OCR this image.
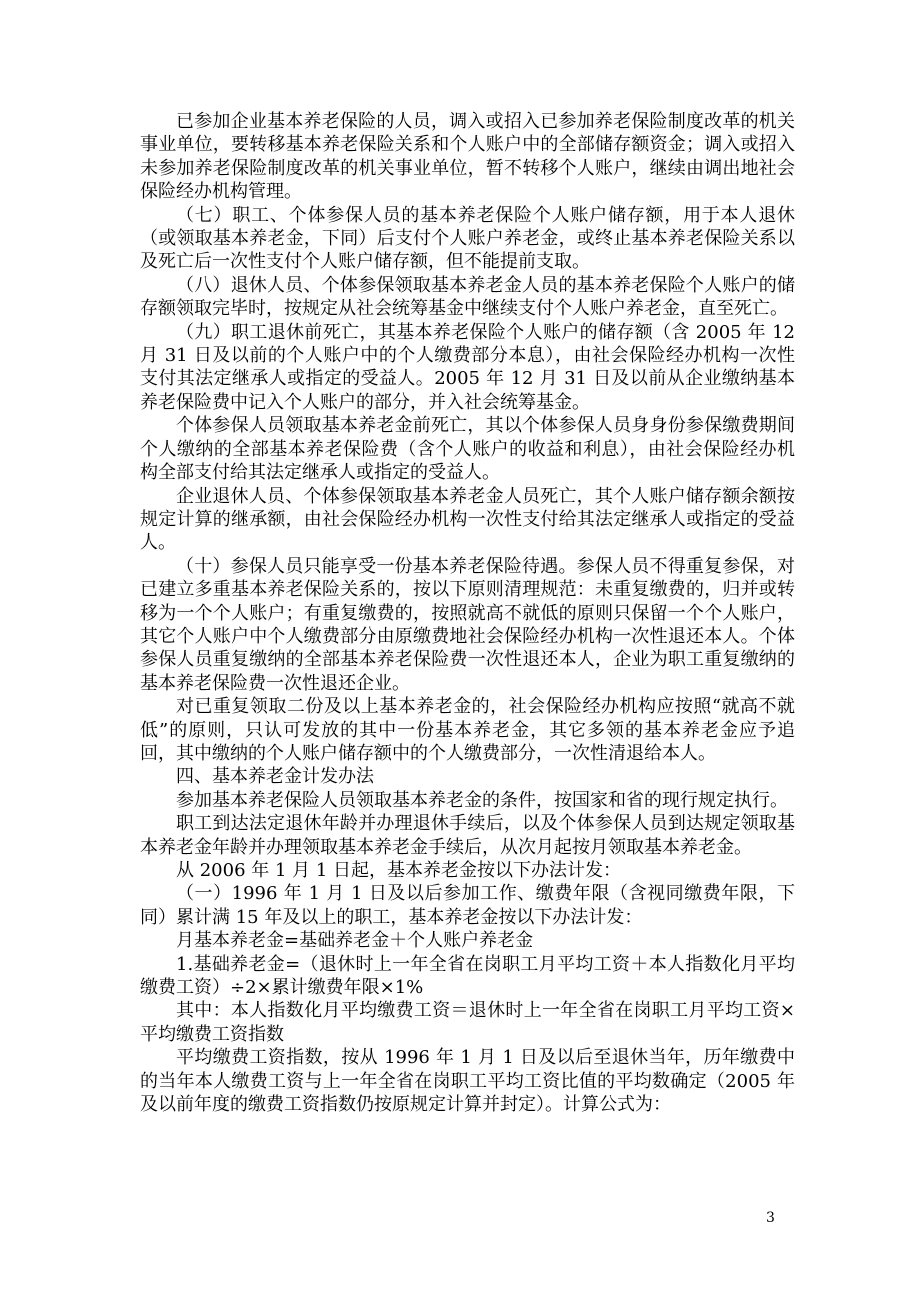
已参加企业基本养老保险的人员，调入或招入已参加养老保险制度改革的机关事业单位，要转移基本养老保险关系和个人账户中的全部储存额资金；调入或招入未参加养老保险制度改革的机关事业单位，暂不转移个人账户，继续由调出地社会保险经办机构管理。

（七）职工、个体参保人员的基本养老保险个人账户储存额，用于本人退休（或领取基本养老金，下同）后支付个人账户养老金，或终止基本养老保险关系以及死亡后一次性支付个人账户储存额，但不能提前支取。

（八）退休人员、个体参保领取基本养老金人员的基本养老保险个人账户的储存额领取完毕时，按规定从社会统筹基金中继续支付个人账户养老金，直至死亡。

（九）职工退休前死亡，其基本养老保险个人账户的储存额（含 2005 年 12 月 31 日及以前的个人账户中的个人缴费部分本息），由社会保险经办机构一次性支付其法定继承人或指定的受益人。2005 年 12 月 31 日及以前从企业缴纳基本养老保险费中记入个人账户的部分，并入社会统筹基金。

个体参保人员领取基本养老金前死亡，其以个体参保人员身身份参保缴费期间个人缴纳的全部基本养老保险费（含个人账户的收益和利息），由社会保险经办机构全部支付给其法定继承人或指定的受益人。

企业退休人员、个体参保领取基本养老金人员死亡，其个人账户储存额余额按规定计算的继承额，由社会保险经办机构一次性支付给其法定继承人或指定的受益人。

（十）参保人员只能享受一份基本养老保险待遇。参保人员不得重复参保，对已建立多重基本养老保险关系的，按以下原则清理规范：未重复缴费的，归并或转移为一个个人账户；有重复缴费的，按照就高不就低的原则只保留一个个人账户，其它个人账户中个人缴费部分由原缴费地社会保险经办机构一次性退还本人。个体参保人员重复缴纳的全部基本养老保险费一次性退还本人，企业为职工重复缴纳的基本养老保险费一次性退还企业。

对已重复领取二份及以上基本养老金的，社会保险经办机构应按照“就高不就低”的原则，只认可发放的其中一份基本养老金，其它多领的基本养老金应予追回，其中缴纳的个人账户储存额中的个人缴费部分，一次性清退给本人。

四、基本养老金计发办法

参加基本养老保险人员领取基本养老金的条件，按国家和省的现行规定执行。

职工到达法定退休年龄并办理退休手续后，以及个体参保人员到达规定领取基本养老金年龄并办理领取基本养老金手续后，从次月起按月领取基本养老金。

从 2006 年 1 月 1 日起，基本养老金按以下办法计发：

（一）1996 年 1 月 1 日及以后参加工作、缴费年限（含视同缴费年限，下同）累计满 15 年及以上的职工，基本养老金按以下办法计发：

月基本养老金=基础养老金＋个人账户养老金

1.基础养老金=（退休时上一年全省在岗职工月平均工资＋本人指数化月平均缴费工资）÷2×累计缴费年限×1%

其中：本人指数化月平均缴费工资＝退休时上一年全省在岗职工月平均工资×平均缴费工资指数

平均缴费工资指数，按从 1996 年 1 月 1 日及以后至退休当年，历年缴费中的当年本人缴费工资与上一年全省在岗职工平均工资比值的平均数确定（2005 年及以前年度的缴费工资指数仍按原规定计算并封定）。计算公式为：

3
